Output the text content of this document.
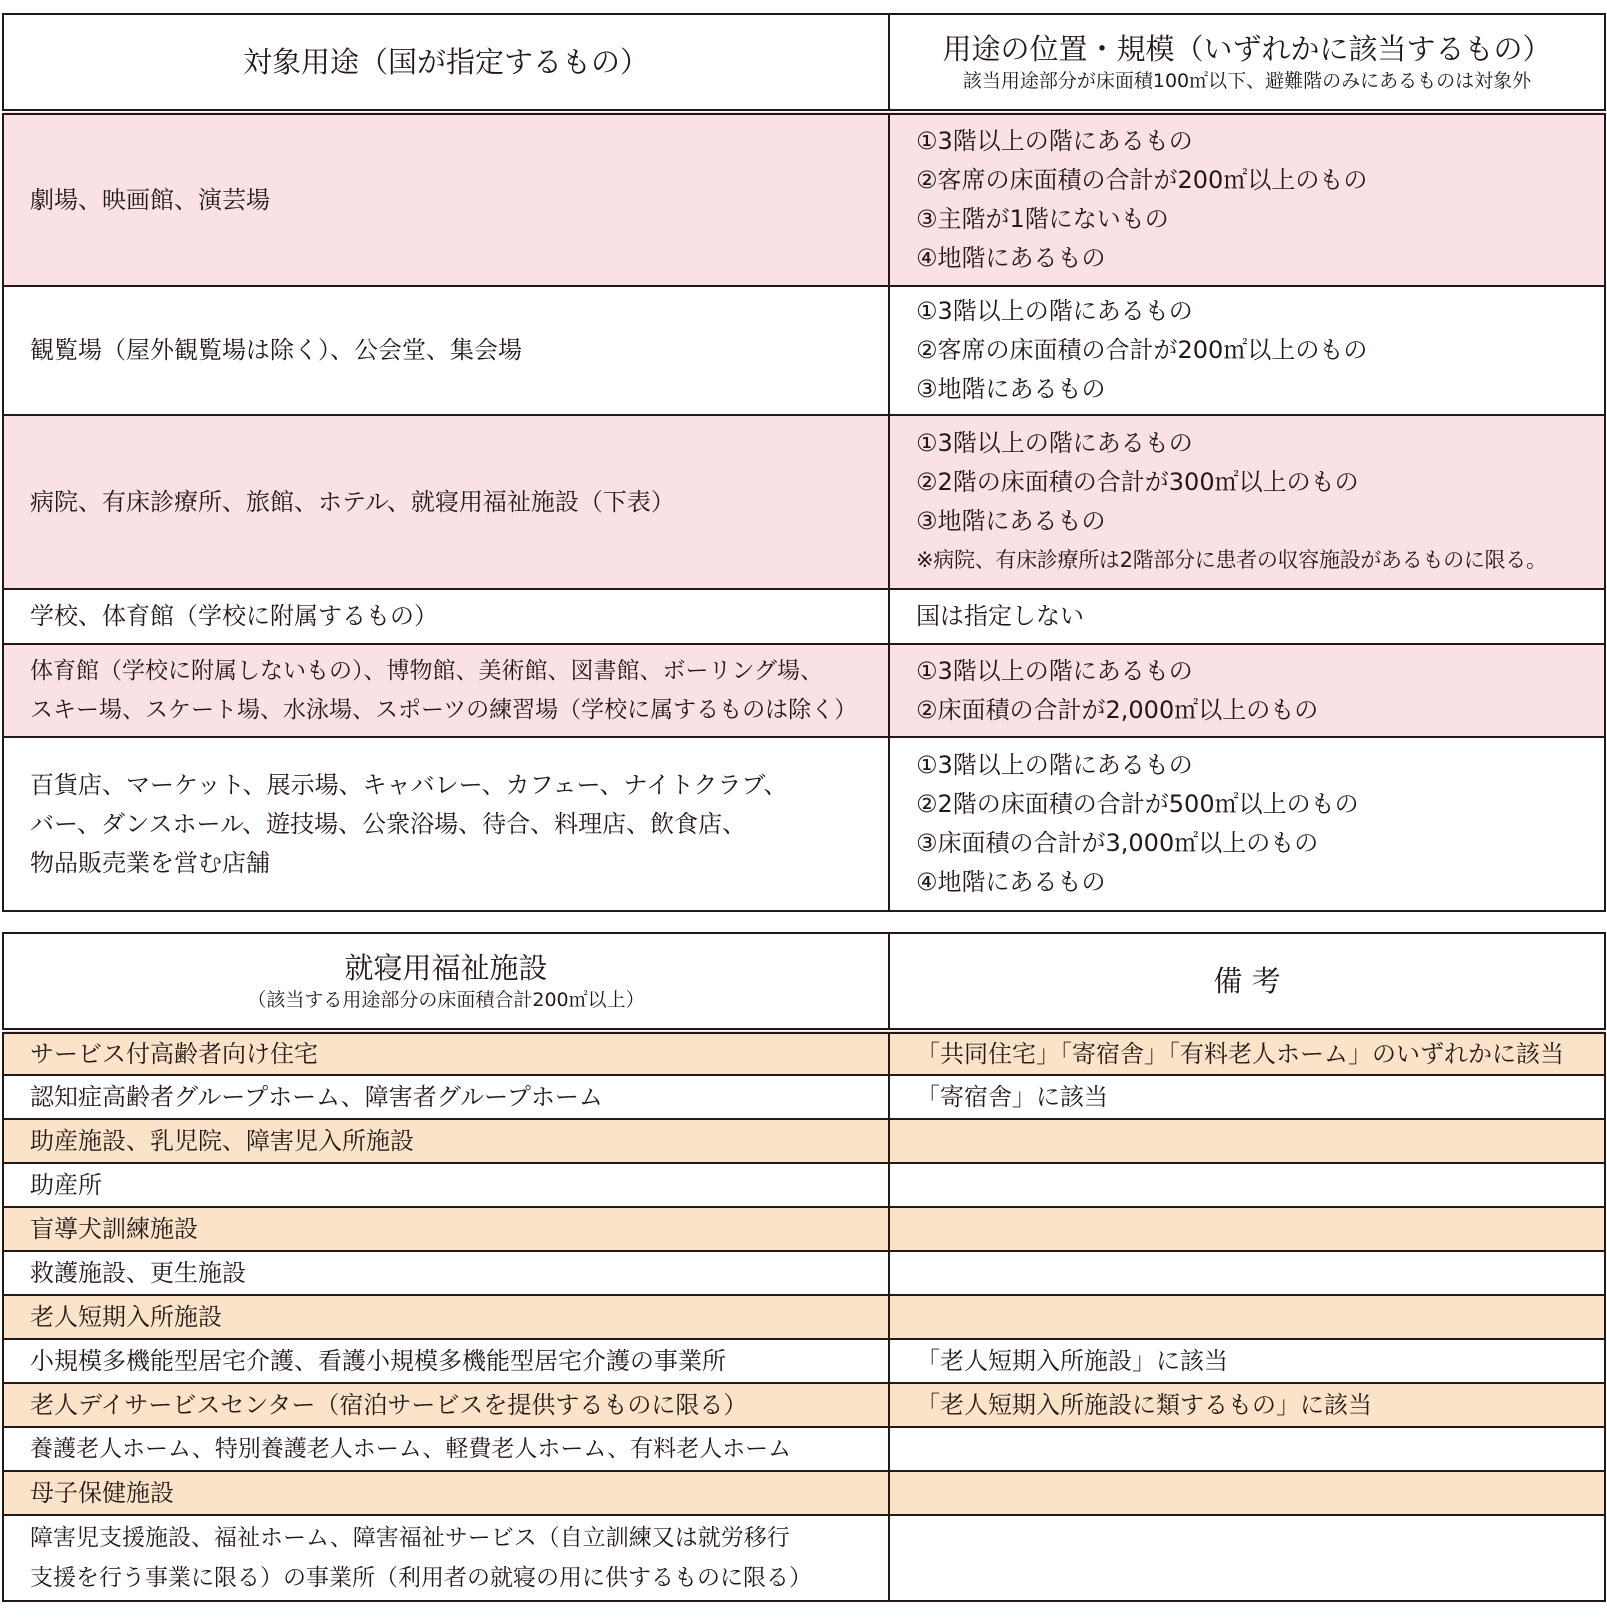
対象用途（国が指定するもの）	用途の位置・規模（いずれかに該当するもの）
該当用途部分が床面積100㎡以下、避難階のみにあるものは対象外

劇場、映画館、演芸場	①3階以上の階にあるもの
②客席の床面積の合計が200㎡以上のもの
③主階が1階にないもの
④地階にあるもの

観覧場（屋外観覧場は除く）、公会堂、集会場	①3階以上の階にあるもの
②客席の床面積の合計が200㎡以上のもの
③地階にあるもの

病院、有床診療所、旅館、ホテル、就寝用福祉施設（下表）	①3階以上の階にあるもの
②2階の床面積の合計が300㎡以上のもの
③地階にあるもの
※病院、有床診療所は2階部分に患者の収容施設があるものに限る。

学校、体育館（学校に附属するもの）	国は指定しない

体育館（学校に附属しないもの）、博物館、美術館、図書館、ボーリング場、
スキー場、スケート場、水泳場、スポーツの練習場（学校に属するものは除く）	①3階以上の階にあるもの
②床面積の合計が2,000㎡以上のもの

百貨店、マーケット、展示場、キャバレー、カフェー、ナイトクラブ、
バー、ダンスホール、遊技場、公衆浴場、待合、料理店、飲食店、
物品販売業を営む店舗	①3階以上の階にあるもの
②2階の床面積の合計が500㎡以上のもの
③床面積の合計が3,000㎡以上のもの
④地階にあるもの
就寝用福祉施設
（該当する用途部分の床面積合計200㎡以上）	備 考

サービス付高齢者向け住宅	「共同住宅」「寄宿舎」「有料老人ホーム」のいずれかに該当

認知症高齢者グループホーム、障害者グループホーム	「寄宿舎」に該当

助産施設、乳児院、障害児入所施設	

助産所	

盲導犬訓練施設	

救護施設、更生施設	

老人短期入所施設	

小規模多機能型居宅介護、看護小規模多機能型居宅介護の事業所	「老人短期入所施設」に該当

老人デイサービスセンター（宿泊サービスを提供するものに限る）	「老人短期入所施設に類するもの」に該当

養護老人ホーム、特別養護老人ホーム、軽費老人ホーム、有料老人ホーム	

母子保健施設	

障害児支援施設、福祉ホーム、障害福祉サービス（自立訓練又は就労移行
支援を行う事業に限る）の事業所（利用者の就寝の用に供するものに限る）	
